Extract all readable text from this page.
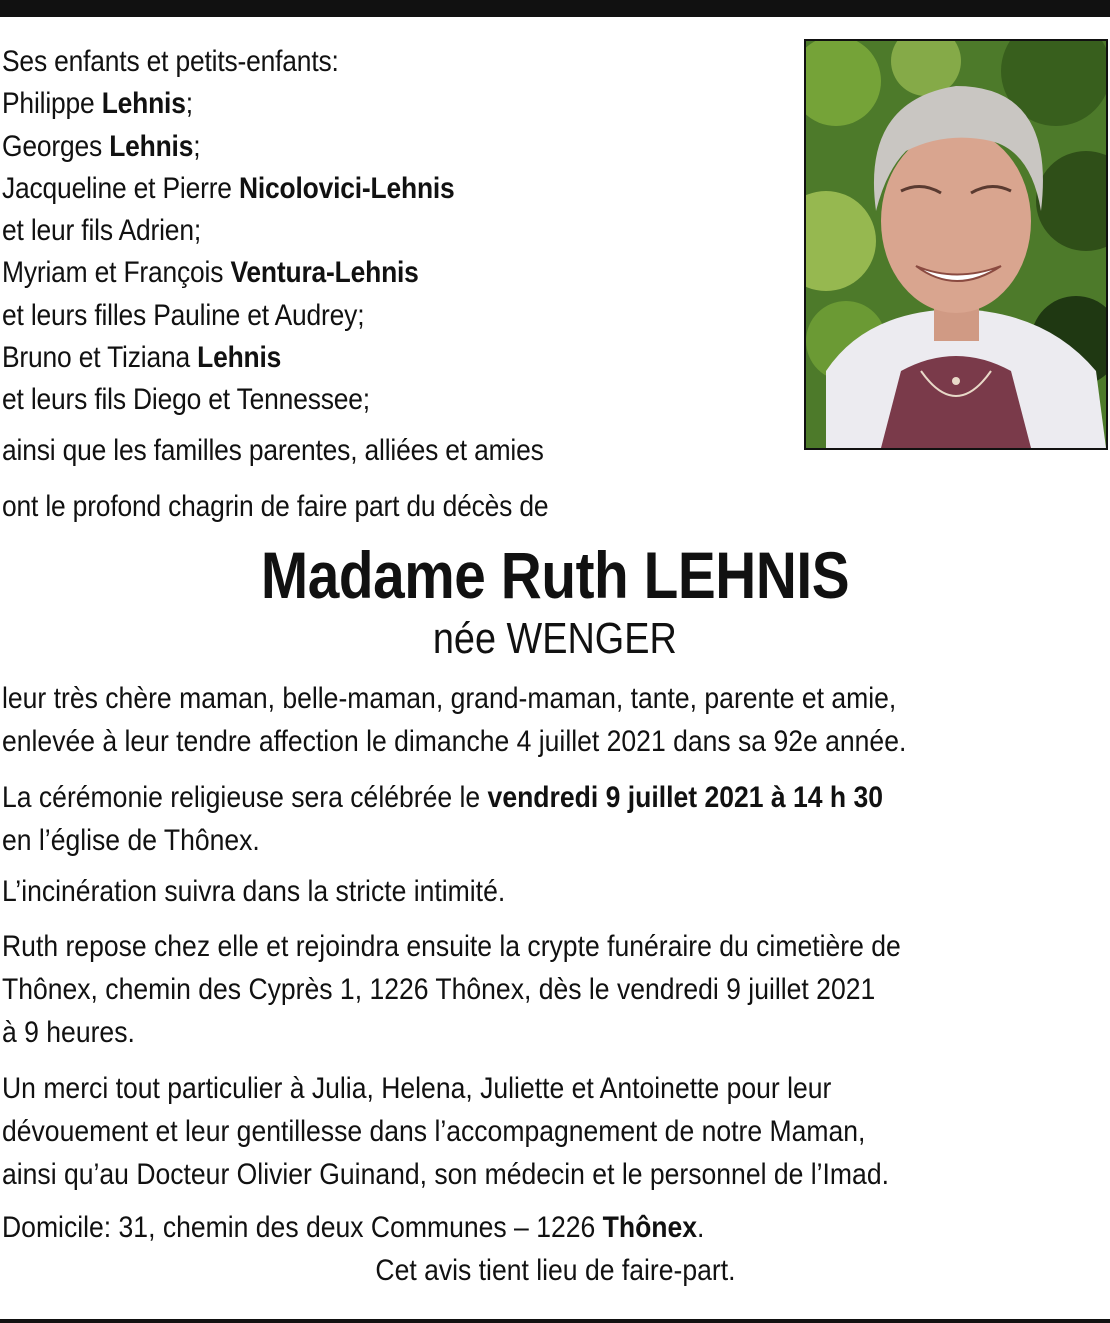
Ses enfants et petits-enfants:
Philippe Lehnis;
Georges Lehnis;
Jacqueline et Pierre Nicolovici-Lehnis
et leur fils Adrien;
Myriam et François Ventura-Lehnis
et leurs filles Pauline et Audrey;
Bruno et Tiziana Lehnis
et leurs fils Diego et Tennessee;
ainsi que les familles parentes, alliées et amies
ont le profond chagrin de faire part du décès de
Madame Ruth LEHNIS
née WENGER
leur très chère maman, belle-maman, grand-maman, tante, parente et amie,
enlevée à leur tendre affection le dimanche 4 juillet 2021 dans sa 92e année.
La cérémonie religieuse sera célébrée le vendredi 9 juillet 2021 à 14 h 30
en l’église de Thônex.
L’incinération suivra dans la stricte intimité.
Ruth repose chez elle et rejoindra ensuite la crypte funéraire du cimetière de
Thônex, chemin des Cyprès 1, 1226 Thônex, dès le vendredi 9 juillet 2021
à 9 heures.
Un merci tout particulier à Julia, Helena, Juliette et Antoinette pour leur
dévouement et leur gentillesse dans l’accompagnement de notre Maman,
ainsi qu’au Docteur Olivier Guinand, son médecin et le personnel de l’Imad.
Domicile: 31, chemin des deux Communes – 1226 Thônex.
Cet avis tient lieu de faire-part.
